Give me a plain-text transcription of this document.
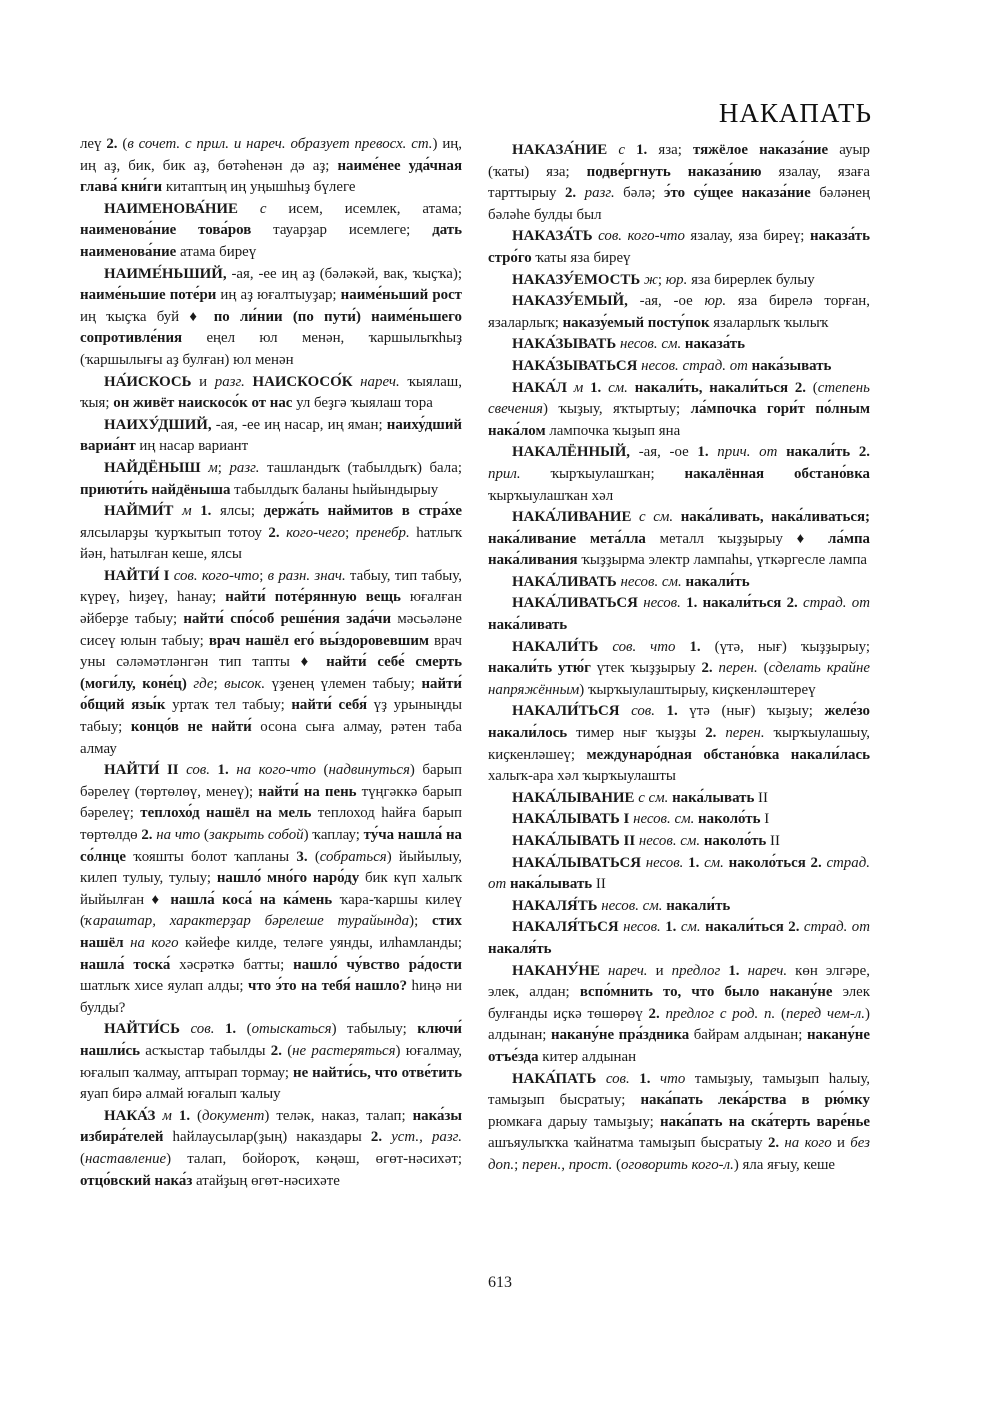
НАКАПАТЬ

леү 2. (в сочет. с прил. и нареч. образует превосх. ст.) иң, иң аҙ, бик, бик аҙ, бөтәһенән дә аҙ; наиме́нее уда́чная глава́ кни́ги китаптың иң уңышһыҙ бүлеге

НАИМЕНОВА́НИЕ с исем, исемлек, атама; наименова́ние това́ров тауарҙар исемлеге; дать наименова́ние атама биреү

НАИМЕ́НЬШИЙ, -ая, -ее иң аҙ (бәләкәй, вак, ҡыҫҡа); наиме́ньшие поте́ри иң аҙ юғалтыуҙар; наиме́ньший рост иң ҡыҫҡа буй ♦ по ли́нии (по пути́) наиме́ньшего сопротивле́ния еңел юл менән, ҡаршылыҡһыҙ (ҡаршылығы аҙ булған) юл менән

НА́ИСКОСЬ и разг. НАИСКОСО́К нареч. ҡыялаш, ҡыя; он живёт наискосо́к от нас ул беҙгә ҡыялаш тора

НАИХУ́ДШИЙ, -ая, -ее иң насар, иң яман; наиху́дший вариа́нт иң насар вариант

НАЙДЁНЫШ м; разг. ташландыҡ (табылдыҡ) бала; приюти́ть найдёныша табылдыҡ баланы һыйындырыу

НАЙМИ́Т м 1. ялсы; держа́ть наймитов в стра́хе ялсыларҙы ҡурҡытып тотоу 2. кого-чего; пренебр. һатлыҡ йән, һатылған кеше, ялсы

НАЙТИ́ I сов. кого-что; в разн. знач. табыу, тип табыу, күреү, һиҙеү, һанау; найти́ поте́рянную вещь юғалған әйберҙе табыу; найти́ спо́соб реше́ния зада́чи мәсьәләне сисеү юлын табыу; врач нашёл его́ вы́здоровевшим врач уны сәләмәтләнгән тип тапты ♦ найти́ себе́ смерть (моги́лу, коне́ц) где; высок. үҙенең үлемен табыу; найти́ о́бщий язы́к уртаҡ тел табыу; найти́ себя́ үҙ урыныңды табыу; концо́в не найти́ осона сыға алмау, рәтен таба алмау

НАЙТИ́ II сов. 1. на кого-что (надвинуться) барып бәрелеү (төртөлөү, менеү); найти́ на пень түңгәккә барып бәрелеү; теплохо́д нашёл на мель теплоход һайға барып төртөлдө 2. на что (закрыть собой) ҡаплау; ту́ча нашла́ на со́лнце ҡояшты болот ҡапланы 3. (собраться) йыйылыу, килеп тулыу, тулыу; нашло́ мно́го наро́ду бик күп халыҡ йыйылған ♦ нашла́ коса́ на ка́мень ҡара-ҡаршы килеү (ҡараштар, характерҙар бәрелеше турайында); стих нашёл на кого кәйефе килде, теләге уянды, илһамланды; нашла́ тоска́ хәсрәткә батты; нашло́ чу́вство ра́дости шатлыҡ хисе яулап алды; что э́то на тебя́ нашло? һиңә ни булды?

НАЙТИ́СЬ сов. 1. (отыскаться) табылыу; ключи́ нашли́сь асҡыстар табылды 2. (не растеряться) юғалмау, юғалып ҡалмау, аптырап тормау; не найти́сь, что отве́тить яуап бирә алмай юғалып ҡалыу

НАКА́З м 1. (документ) теләк, наказ, талап; нака́зы избира́телей һайлаусылар(ҙың) наказдары 2. уст., разг. (наставление) талап, бойороҡ, кәңәш, өгөт-нәсихәт; отцо́вский нака́з атайҙың өгөт-нәсихәте

НАКАЗА́НИЕ с 1. яза; тяжёлое наказа́ние ауыр (ҡаты) яза; подве́ргнуть наказа́нию язалау, язаға тарттырыу 2. разг. бәлә; э́то су́щее наказа́ние бәләнең бәләһе булды был

НАКАЗА́ТЬ сов. кого-что язалау, яза биреү; наказа́ть стро́го ҡаты яза биреү

НАКАЗУ́ЕМОСТЬ ж; юр. яза бирерлек булыу

НАКАЗУ́ЕМЫЙ, -ая, -ое юр. яза бирелә торған, язаларлыҡ; наказу́емый посту́пок язаларлыҡ ҡылыҡ

НАКА́ЗЫВАТЬ несов. см. наказа́ть

НАКА́ЗЫВАТЬСЯ несов. страд. от нака́зывать

НАКА́Л м 1. см. накали́ть, накали́ться 2. (степень свечения) ҡыҙыу, яҡтыртыу; ла́мпочка гори́т по́лным нака́лом лампочка ҡыҙып яна

НАКАЛЁННЫЙ, -ая, -ое 1. прич. от накали́ть 2. прил. ҡырҡыулашҡан; накалённая обстано́вка ҡырҡыулашҡан хәл

НАКА́ЛИВАНИЕ с см. нака́ливать, нака́ливаться; нака́ливание мета́лла металл ҡыҙҙырыу ♦ ла́мпа нака́ливания ҡыҙҙырма электр лампаһы, үткәргесле лампа

НАКА́ЛИВАТЬ несов. см. накали́ть

НАКА́ЛИВАТЬСЯ несов. 1. накали́ться 2. страд. от нака́ливать

НАКАЛИ́ТЬ сов. что 1. (үтә, нығ) ҡыҙҙырыу; накали́ть утю́г үтек ҡыҙҙырыу 2. перен. (сделать крайне напряжённым) ҡырҡыулаштырыу, киҫкенләштереү

НАКАЛИ́ТЬСЯ сов. 1. үтә (нығ) ҡыҙыу; желе́зо накали́лось тимер нығ ҡыҙҙы 2. перен. ҡырҡыулашыу, киҫкенләшеү; междунаро́дная обстано́вка накали́лась халыҡ-ара хәл ҡырҡыулашты

НАКА́ЛЫВАНИЕ с см. нака́лывать II

НАКА́ЛЫВАТЬ I несов. см. наколо́ть I

НАКА́ЛЫВАТЬ II несов. см. наколо́ть II

НАКА́ЛЫВАТЬСЯ несов. 1. см. наколо́ться 2. страд. от нака́лывать II

НАКАЛЯ́ТЬ несов. см. накали́ть

НАКАЛЯ́ТЬСЯ несов. 1. см. накали́ться 2. страд. от накаля́ть

НАКАНУ́НЕ нареч. и предлог 1. нареч. көн элгәре, элек, алдан; вспо́мнить то, что было накану́не элек булғанды иҫкә төшөрөү 2. предлог с род. п. (перед чем-л.) алдынан; накану́не пра́здника байрам алдынан; накану́не отъе́зда китер алдынан

НАКА́ПАТЬ сов. 1. что тамыҙыу, тамыҙып һалыу, тамыҙып бысратыу; нака́пать лека́рства в рю́мку рюмкаға дарыу тамыҙыу; нака́пать на ска́терть варе́нье ашъяулыҡҡа ҡайнатма тамыҙып бысратыу 2. на кого и без доп.; перен., прост. (оговорить кого-л.) яла яғыу, кеше

613
